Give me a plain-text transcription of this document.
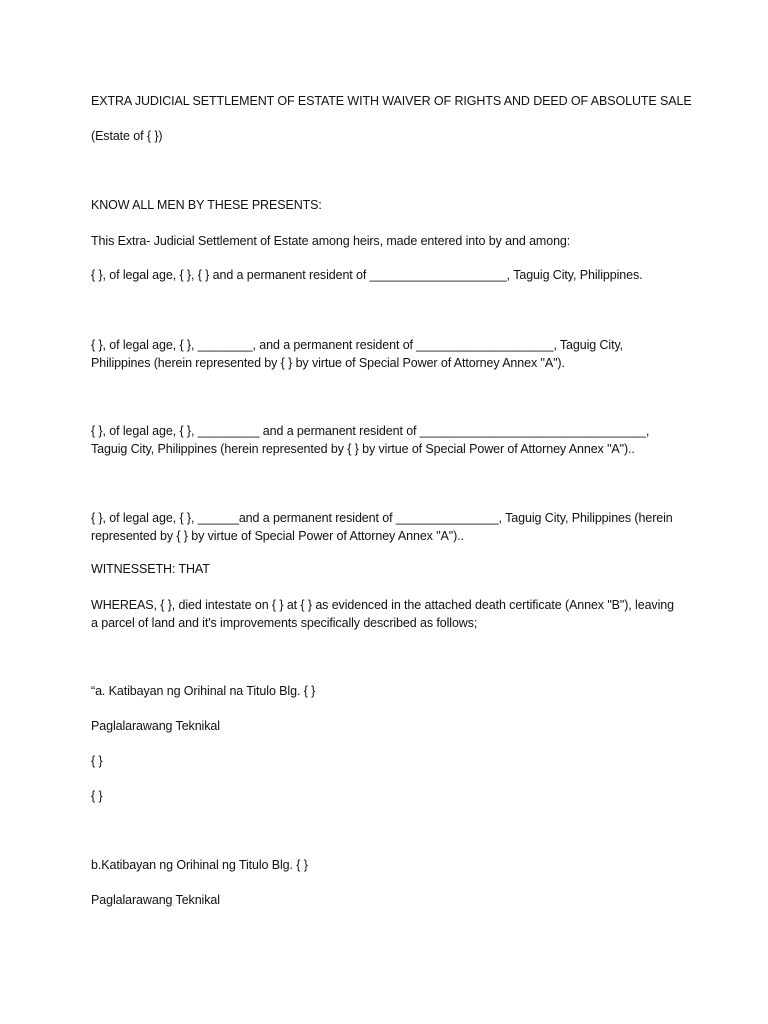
EXTRA JUDICIAL SETTLEMENT OF ESTATE WITH WAIVER OF RIGHTS AND DEED OF ABSOLUTE SALE
(Estate of { })
KNOW ALL MEN BY THESE PRESENTS:
This Extra- Judicial Settlement of Estate among heirs, made entered into by and among:
{ }, of legal age, { }, { } and a permanent resident of ____________________, Taguig City, Philippines.
{ }, of legal age, { }, ________, and a permanent resident of ____________________, Taguig City, Philippines (herein represented by { } by virtue of Special Power of Attorney Annex "A").
{ }, of legal age, { }, _________ and a permanent resident of _________________________________, Taguig City, Philippines (herein represented by { } by virtue of Special Power of Attorney Annex "A")..
{ }, of legal age, { }, ______and a permanent resident of _______________, Taguig City, Philippines (herein represented by { } by virtue of Special Power of Attorney Annex "A")..
WITNESSETH: THAT
WHEREAS, { }, died intestate on { } at { } as evidenced in the attached death certificate (Annex "B"), leaving a parcel of land and it's improvements specifically described as follows;
“a. Katibayan ng Orihinal na Titulo Blg. { }
Paglalarawang Teknikal
{ }
{ }
b.Katibayan ng Orihinal ng Titulo Blg. { }
Paglalarawang Teknikal
